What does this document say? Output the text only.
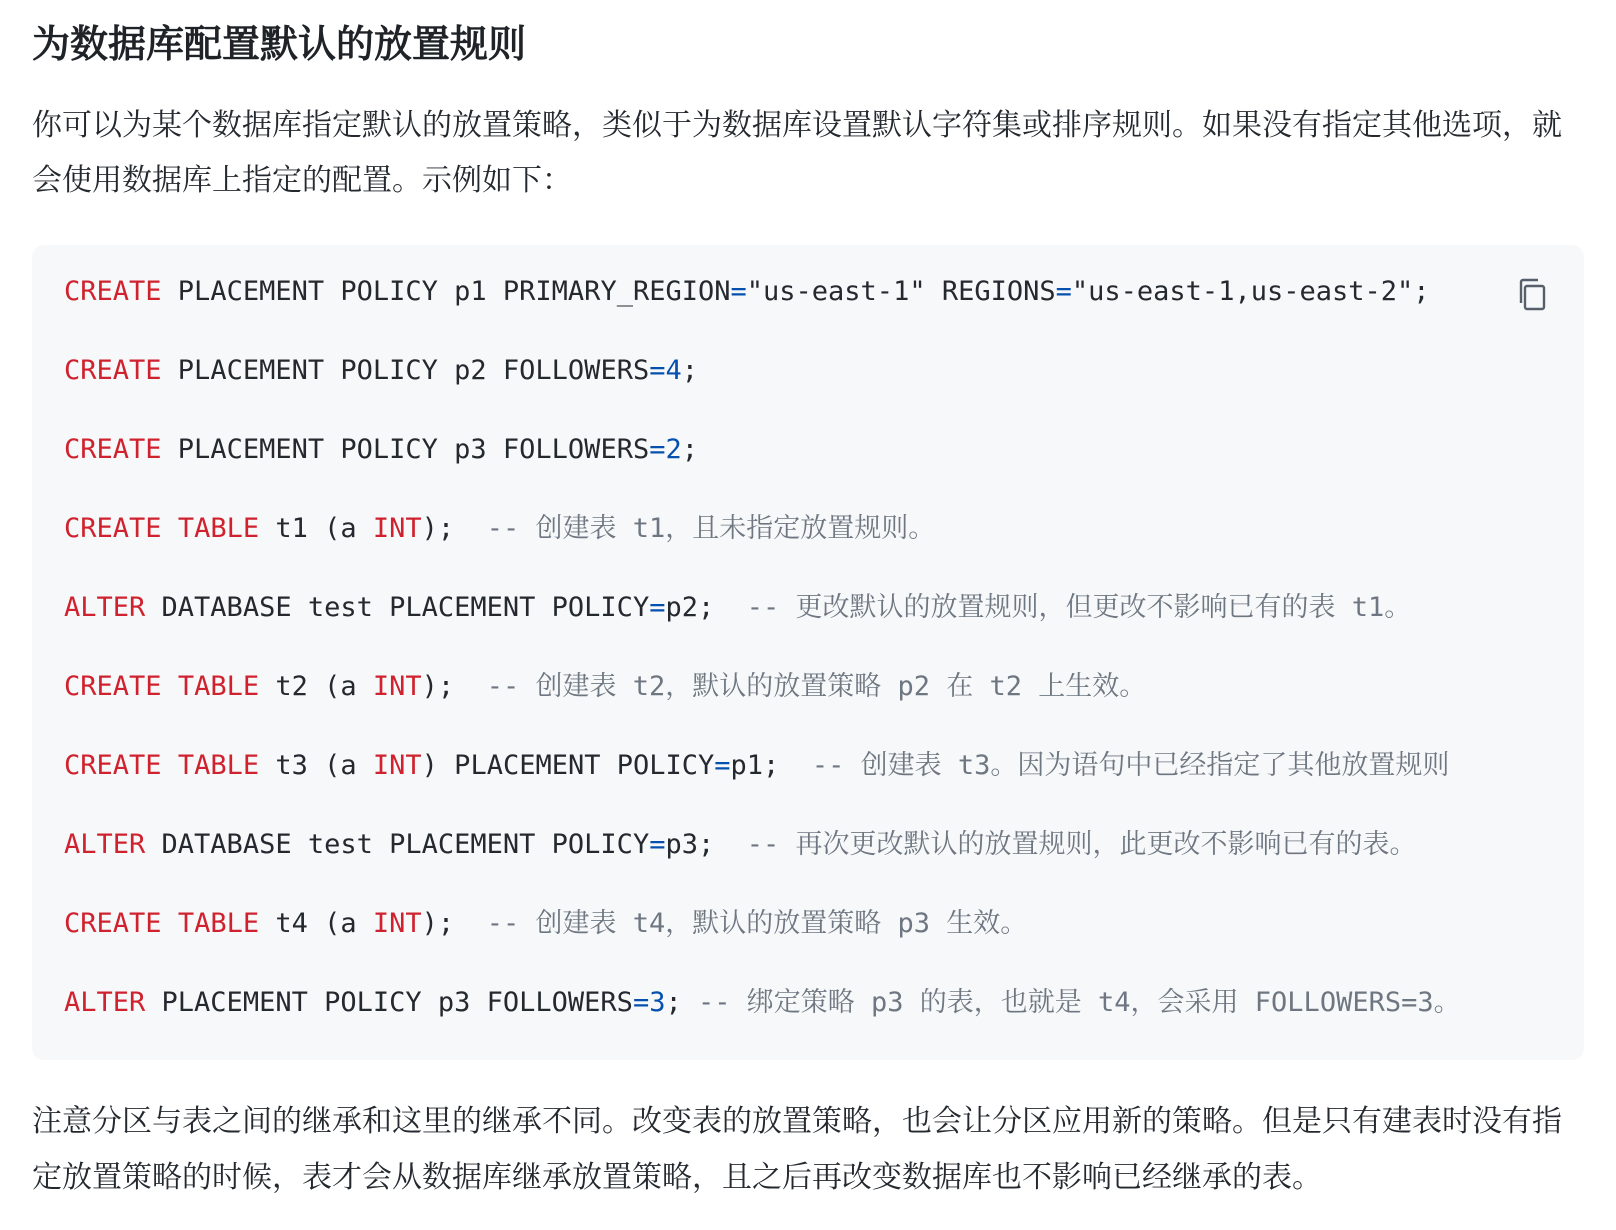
为数据库配置默认的放置规则

你可以为某个数据库指定默认的放置策略，类似于为数据库设置默认字符集或排序规则。如果没有指定其他选项，就会使用数据库上指定的配置。示例如下：

CREATE PLACEMENT POLICY p1 PRIMARY_REGION="us-east-1" REGIONS="us-east-1,us-east-2";
CREATE PLACEMENT POLICY p2 FOLLOWERS=4;
CREATE PLACEMENT POLICY p3 FOLLOWERS=2;
CREATE TABLE t1 (a INT);  -- 创建表 t1，且未指定放置规则。
ALTER DATABASE test PLACEMENT POLICY=p2;  -- 更改默认的放置规则，但更改不影响已有的表 t1。
CREATE TABLE t2 (a INT);  -- 创建表 t2，默认的放置策略 p2 在 t2 上生效。
CREATE TABLE t3 (a INT) PLACEMENT POLICY=p1;  -- 创建表 t3。因为语句中已经指定了其他放置规则
ALTER DATABASE test PLACEMENT POLICY=p3;  -- 再次更改默认的放置规则，此更改不影响已有的表。
CREATE TABLE t4 (a INT);  -- 创建表 t4，默认的放置策略 p3 生效。
ALTER PLACEMENT POLICY p3 FOLLOWERS=3; -- 绑定策略 p3 的表，也就是 t4，会采用 FOLLOWERS=3。

注意分区与表之间的继承和这里的继承不同。改变表的放置策略，也会让分区应用新的策略。但是只有建表时没有指定放置策略的时候，表才会从数据库继承放置策略，且之后再改变数据库也不影响已经继承的表。
